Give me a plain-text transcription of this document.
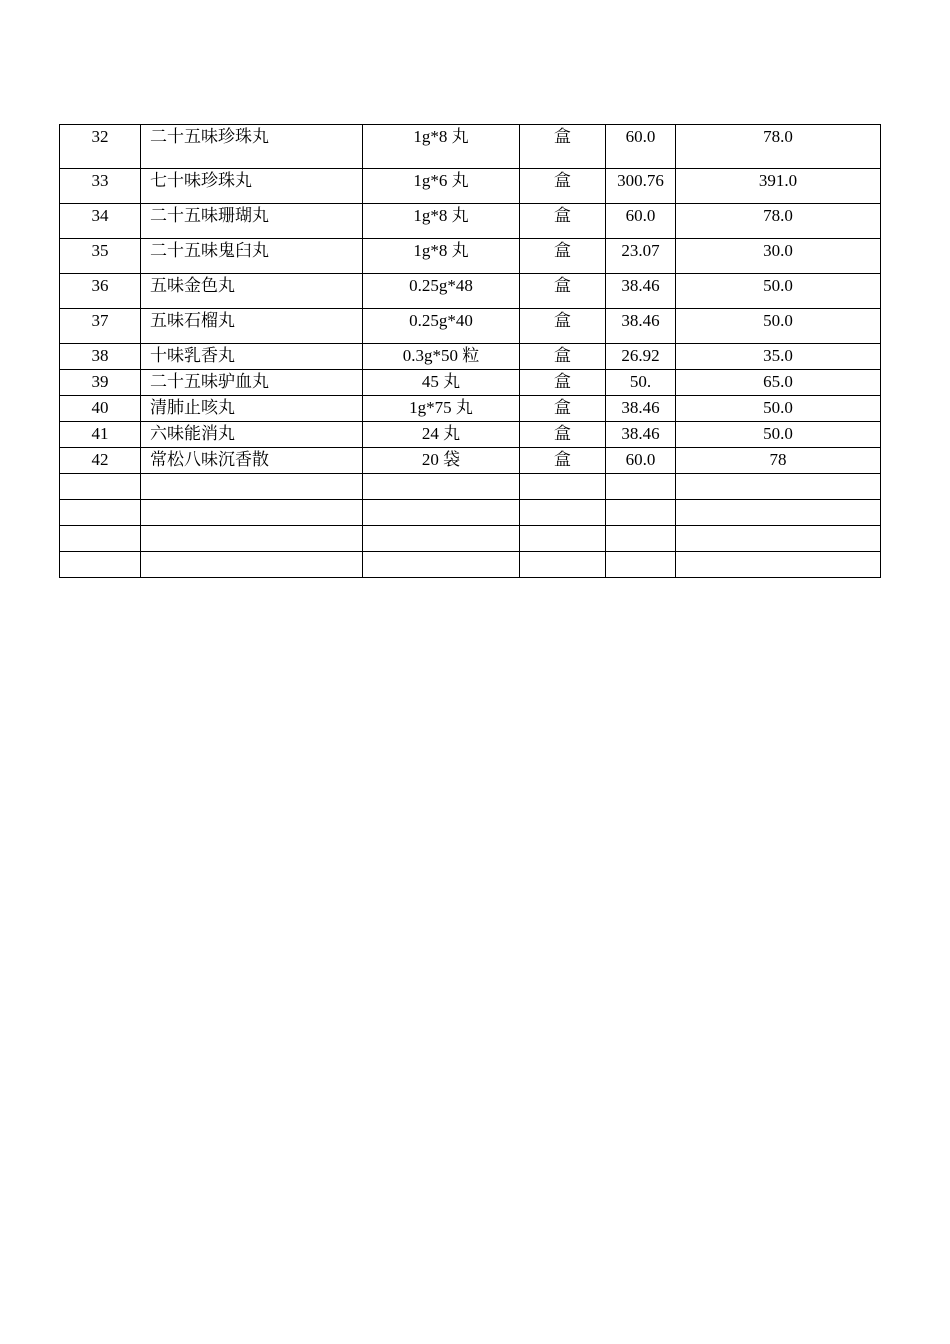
32	二十五味珍珠丸	1g*8 丸	盒	60.0	78.0
33	七十味珍珠丸	1g*6 丸	盒	300.76	391.0
34	二十五味珊瑚丸	1g*8 丸	盒	60.0	78.0
35	二十五味鬼臼丸	1g*8 丸	盒	23.07	30.0
36	五味金色丸	0.25g*48	盒	38.46	50.0
37	五味石榴丸	0.25g*40	盒	38.46	50.0
38	十味乳香丸	0.3g*50 粒	盒	26.92	35.0
39	二十五味驴血丸	45 丸	盒	50.	65.0
40	清肺止咳丸	1g*75 丸	盒	38.46	50.0
41	六味能消丸	24 丸	盒	38.46	50.0
42	常松八味沉香散	20 袋	盒	60.0	78
